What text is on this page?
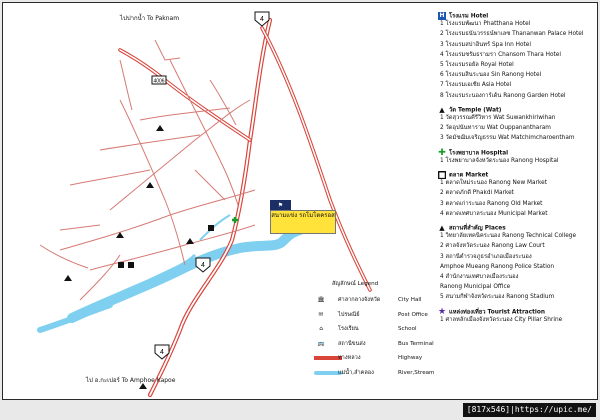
4
4
4
4006
ไปปากน้ำ To Paknam
ไป อ.กะเปอร์ To Amphoe Kapoe
⚑
สนามแข่ง รถโมโตครอส
H โรงแรม Hotel
1 โรงแรมพัฒนา Phatthana Hotel
2 โรงแรมธนันวรรธน์พาเลซ Thananwan Palace Hotel
3 โรงแรมสปาอินทร์ Spa Inn Hotel
4 โรงแรมชรัมธรามรา Chansom Thara Hotel
5 โรงแรมรอยัล Royal Hotel
6 โรงแรมสินระนอง Sin Ranong Hotel
7 โรงแรมเอเชีย Asia Hotel
8 โรงแรมระนองการ์เด้น Ranong Garden Hotel
▲ วัด Temple (Wat)
1 วัดสุวรรณคีรีวิหาร Wat Suwankhiriwihan
2 วัดอุปนันทาราม Wat Ouppanantharam
3 วัดมัชฌิมเจริญธรรม Wat Matchimcharoentham
✚ โรงพยาบาล Hospital
1 โรงพยาบาลจังหวัดระนอง Ranong Hospital
■ ตลาด Market
1 ตลาดใหม่ระนอง Ranong New Market
2 ตลาดภักดี Phakdi Market
3 ตลาดเก่าระนอง Ranong Old Market
4 ตลาดเทศบาลระนอง Municipal Market
▲ สถานที่สำคัญ Places
1 วิทยาลัยเทคนิคระนอง Ranong Technical College
2 ศาลจังหวัดระนอง Ranong Law Court
3 สถานีตำรวจภูธรอำเภอเมืองระนอง
Amphoe Mueang Ranong Police Station
4 สำนักงานเทศบาลเมืองระนอง
Ranong Municipal Office
5 สนามกีฬาจังหวัดระนอง Ranong Stadium
★ แหล่งท่องเที่ยว Tourist Attraction
1 ศาลหลักเมืองจังหวัดระนอง City Pillar Shrine
สัญลักษณ์ Legend
🏛	ศาลากลางจังหวัด	City Hall
✉	ไปรษณีย์	Post Office
⌂	โรงเรียน	School
🚌	สถานีขนส่ง	Bus Terminal
ทางหลวง	Highway
แม่น้ำ,ลำคลอง	River,Stream
[817x546]|https://upic.me/
